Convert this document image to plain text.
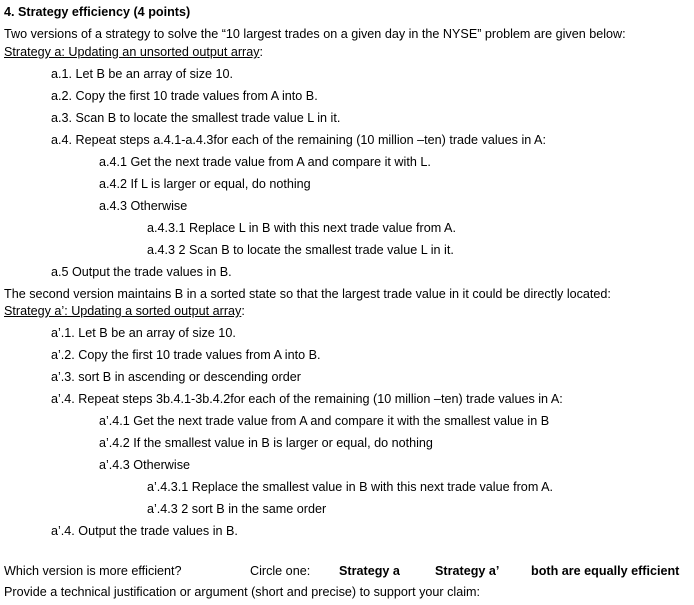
4. Strategy efficiency (4 points)
Two versions of a strategy to solve the “10 largest trades on a given day in the NYSE” problem are given below:
Strategy a: Updating an unsorted output array:
a.1. Let B be an array of size 10.
a.2. Copy the first 10 trade values from A into B.
a.3. Scan B to locate the smallest trade value L in it.
a.4. Repeat steps a.4.1-a.4.3for each of the remaining (10 million –ten) trade values in A:
a.4.1 Get the next trade value from A and compare it with L.
a.4.2 If L is larger or equal, do nothing
a.4.3 Otherwise
a.4.3.1 Replace L in B with this next trade value from A.
a.4.3 2 Scan B to locate the smallest trade value L in it.
a.5 Output the trade values in B.
The second version maintains B in a sorted state so that the largest trade value in it could be directly located:
Strategy a’: Updating a sorted output array:
a’.1. Let B be an array of size 10.
a’.2. Copy the first 10 trade values from A into B.
a’.3. sort B in ascending or descending order
a’.4. Repeat steps 3b.4.1-3b.4.2for each of the remaining (10 million –ten) trade values in A:
a’.4.1 Get the next trade value from A and compare it with the smallest value in B
a’.4.2 If the smallest value in B is larger or equal, do nothing
a’.4.3 Otherwise
a’.4.3.1 Replace the smallest value in B with this next trade value from A.
a’.4.3 2 sort B in the same order
a’.4. Output the trade values in B.
Which version is more efficient?	Circle one: Strategy a	Strategy a’	both are equally efficient
Provide a technical justification or argument (short and precise) to support your claim:
